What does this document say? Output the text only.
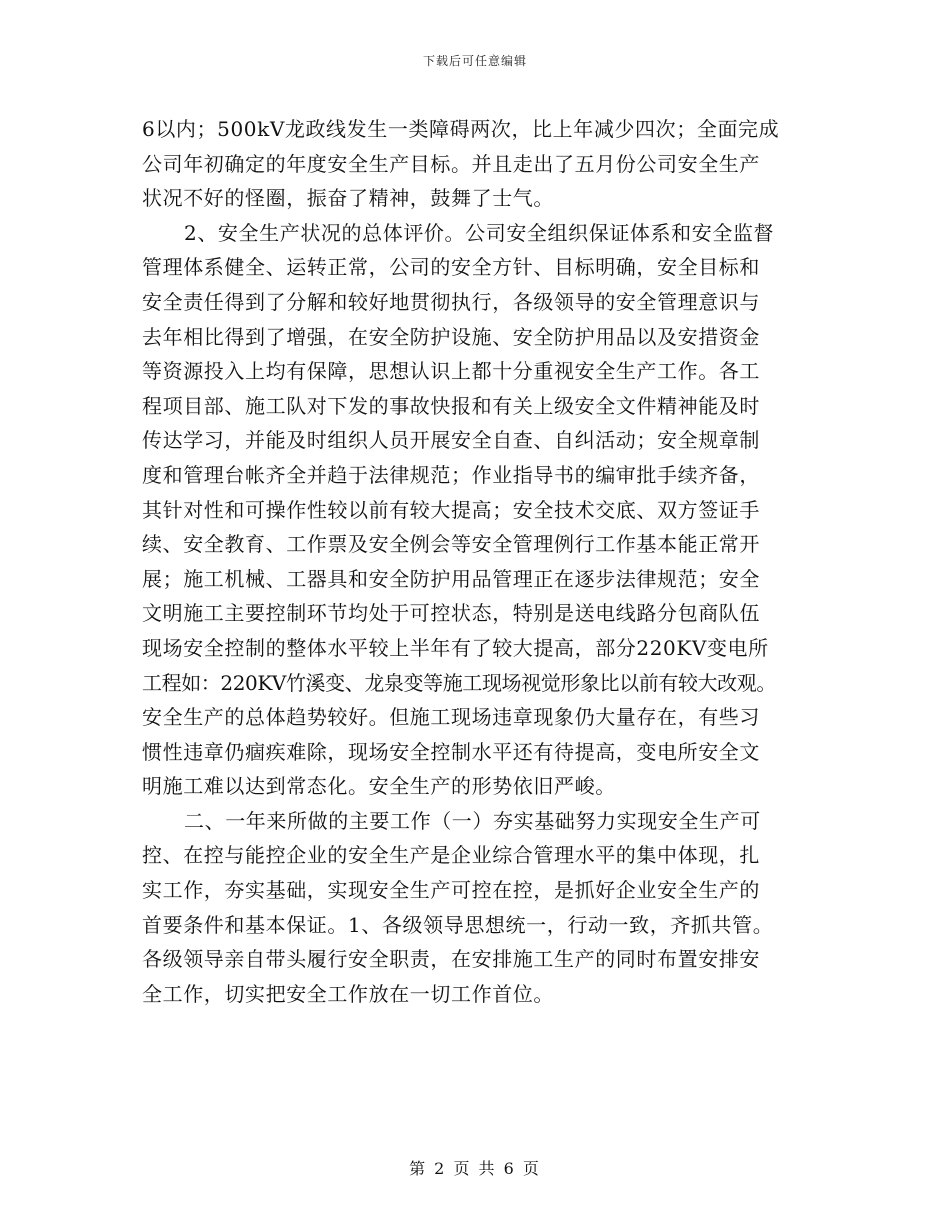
下载后可任意编辑
6以内；500kV龙政线发生一类障碍两次，比上年减少四次；全面完成
公司年初确定的年度安全生产目标。并且走出了五月份公司安全生产
状况不好的怪圈，振奋了精神，鼓舞了士气。
2、安全生产状况的总体评价。公司安全组织保证体系和安全监督
管理体系健全、运转正常，公司的安全方针、目标明确，安全目标和
安全责任得到了分解和较好地贯彻执行，各级领导的安全管理意识与
去年相比得到了增强，在安全防护设施、安全防护用品以及安措资金
等资源投入上均有保障，思想认识上都十分重视安全生产工作。各工
程项目部、施工队对下发的事故快报和有关上级安全文件精神能及时
传达学习，并能及时组织人员开展安全自查、自纠活动；安全规章制
度和管理台帐齐全并趋于法律规范；作业指导书的编审批手续齐备，
其针对性和可操作性较以前有较大提高；安全技术交底、双方签证手
续、安全教育、工作票及安全例会等安全管理例行工作基本能正常开
展；施工机械、工器具和安全防护用品管理正在逐步法律规范；安全
文明施工主要控制环节均处于可控状态，特别是送电线路分包商队伍
现场安全控制的整体水平较上半年有了较大提高，部分220KV变电所
工程如：220KV竹溪变、龙泉变等施工现场视觉形象比以前有较大改观。
安全生产的总体趋势较好。但施工现场违章现象仍大量存在，有些习
惯性违章仍痼疾难除，现场安全控制水平还有待提高，变电所安全文
明施工难以达到常态化。安全生产的形势依旧严峻。
二、一年来所做的主要工作（一）夯实基础努力实现安全生产可
控、在控与能控企业的安全生产是企业综合管理水平的集中体现，扎
实工作，夯实基础，实现安全生产可控在控，是抓好企业安全生产的
首要条件和基本保证。1、各级领导思想统一，行动一致，齐抓共管。
各级领导亲自带头履行安全职责，在安排施工生产的同时布置安排安
全工作，切实把安全工作放在一切工作首位。
第 2 页 共 6 页
